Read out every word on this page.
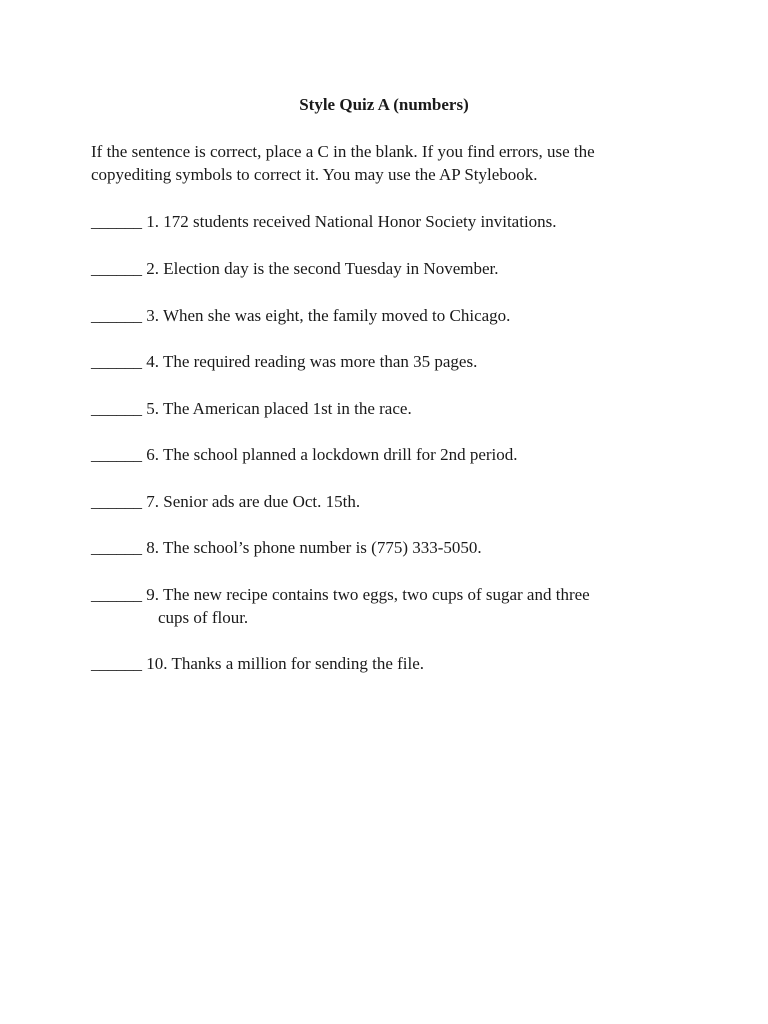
Style Quiz A (numbers)
If the sentence is correct, place a C in the blank. If you find errors, use the
copyediting symbols to correct it. You may use the AP Stylebook.
______ 1. 172 students received National Honor Society invitations.
______ 2. Election day is the second Tuesday in November.
______ 3. When she was eight, the family moved to Chicago.
______ 4. The required reading was more than 35 pages.
______ 5. The American placed 1st in the race.
______ 6. The school planned a lockdown drill for 2nd period.
______ 7. Senior ads are due Oct. 15th.
______ 8. The school’s phone number is (775) 333-5050.
______ 9. The new recipe contains two eggs, two cups of sugar and three
cups of flour.
______ 10. Thanks a million for sending the file.
